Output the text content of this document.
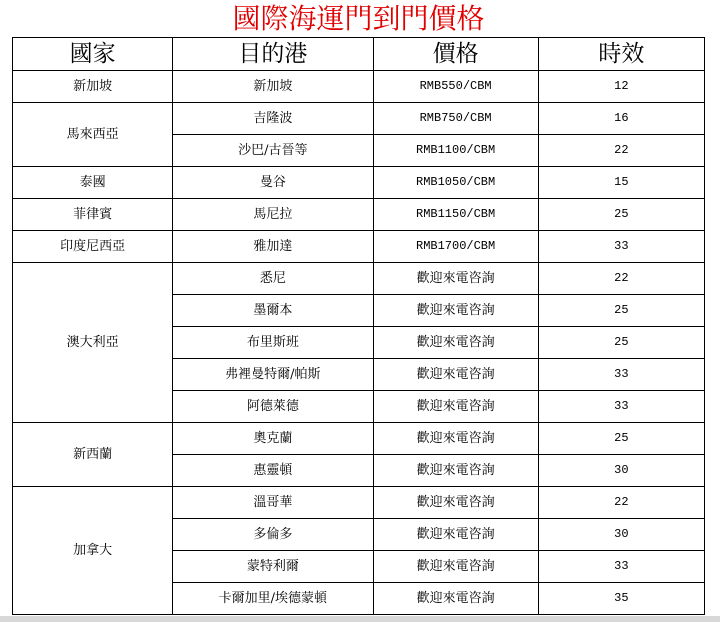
國際海運門到門價格
國家	目的港	價格	時效
新加坡	新加坡	RMB550/CBM	12
馬來西亞	吉隆波	RMB750/CBM	16
	沙巴/古晉等	RMB1100/CBM	22
泰國	曼谷	RMB1050/CBM	15
菲律賓	馬尼拉	RMB1150/CBM	25
印度尼西亞	雅加達	RMB1700/CBM	33
澳大利亞	悉尼	歡迎來電咨詢	22
	墨爾本	歡迎來電咨詢	25
	布里斯班	歡迎來電咨詢	25
	弗裡曼特爾/帕斯	歡迎來電咨詢	33
	阿德萊德	歡迎來電咨詢	33
新西蘭	奧克蘭	歡迎來電咨詢	25
	惠靈頓	歡迎來電咨詢	30
加拿大	溫哥華	歡迎來電咨詢	22
	多倫多	歡迎來電咨詢	30
	蒙特利爾	歡迎來電咨詢	33
	卡爾加里/埃德蒙頓	歡迎來電咨詢	35
